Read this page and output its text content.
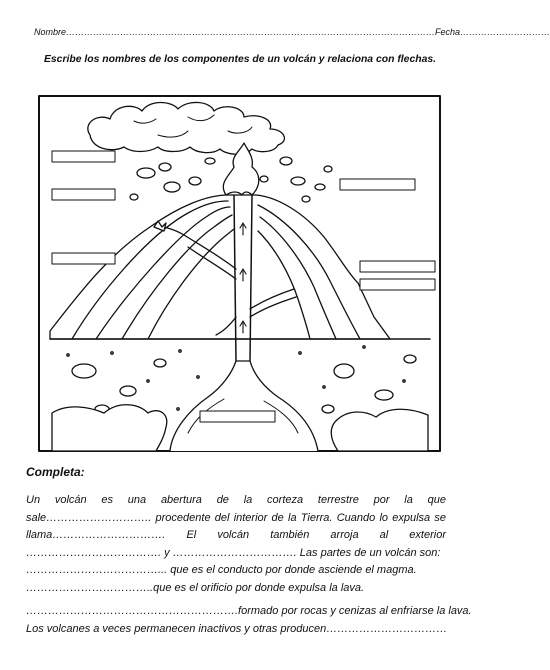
Nombre……………………………………………………………………………………………………………Fecha…………………………
Escribe los nombres de los componentes de un volcán y relaciona con flechas.
Completa:
Un volcán es una abertura de la corteza terrestre por la que
sale……………………….. procedente del interior de la Tierra. Cuando lo expulsa se
llama…………………………. El volcán también arroja al exterior
………………………………. y ……………………………. Las partes de un volcán son:
………………………………... que es el conducto por donde asciende el magma.
……………………………..que es el orificio por donde expulsa la lava.
………………………………………………….formado por rocas y cenizas al enfriarse la lava.
Los volcanes a veces permanecen inactivos y otras producen……………………………
